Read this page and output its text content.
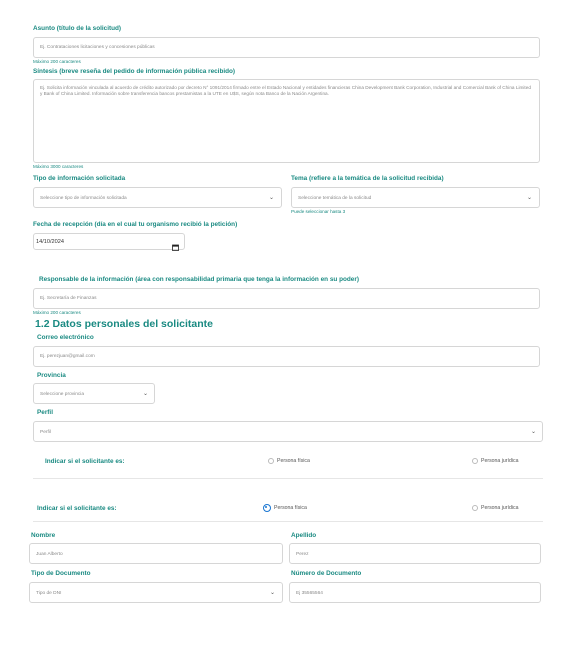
Asunto (título de la solicitud)
Ej. Contrataciones licitaciones y concesiones públicas
Máximo 200 caracteres
Síntesis (breve reseña del pedido de información pública recibido)
Ej. Solicita información vinculada al acuerdo de crédito autorizado por decreto N° 1091/2014 firmado entre el Estado Nacional y entidades financieras China Development Bank Corporation, Industrial and Comercial Bank of China Limited y Bank of China Limited. Información sobre transferencia bancos prestamistas a la UTE en U$S, según nota Banco de la Nación Argentina.
Máximo 3000 caracteres
Tipo de información solicitada
Seleccione tipo de información solicitada	⌄
Tema (refiere a la temática de la solicitud recibida)
Seleccione temática de la solicitud	⌄
Puede seleccionar hasta 3
Fecha de recepción (día en el cual tu organismo recibió la petición)
14/10/2024
Responsable de la información (área con responsabilidad primaria que tenga la información en su poder)
Ej. Secretaría de Finanzas
Máximo 200 caracteres
1.2 Datos personales del solicitante
Correo electrónico
Ej. perezjuan@gmail.com
Provincia
Seleccione provincia	⌄
Perfil
Perfil	⌄
Indicar si el solicitante es:	Persona física	Persona jurídica
Indicar si el solicitante es:	Persona física	Persona jurídica
Nombre
Juan Alberto
Apellido
Perez
Tipo de Documento
Tipo de DNI	⌄
Número de Documento
Ej 35565564
